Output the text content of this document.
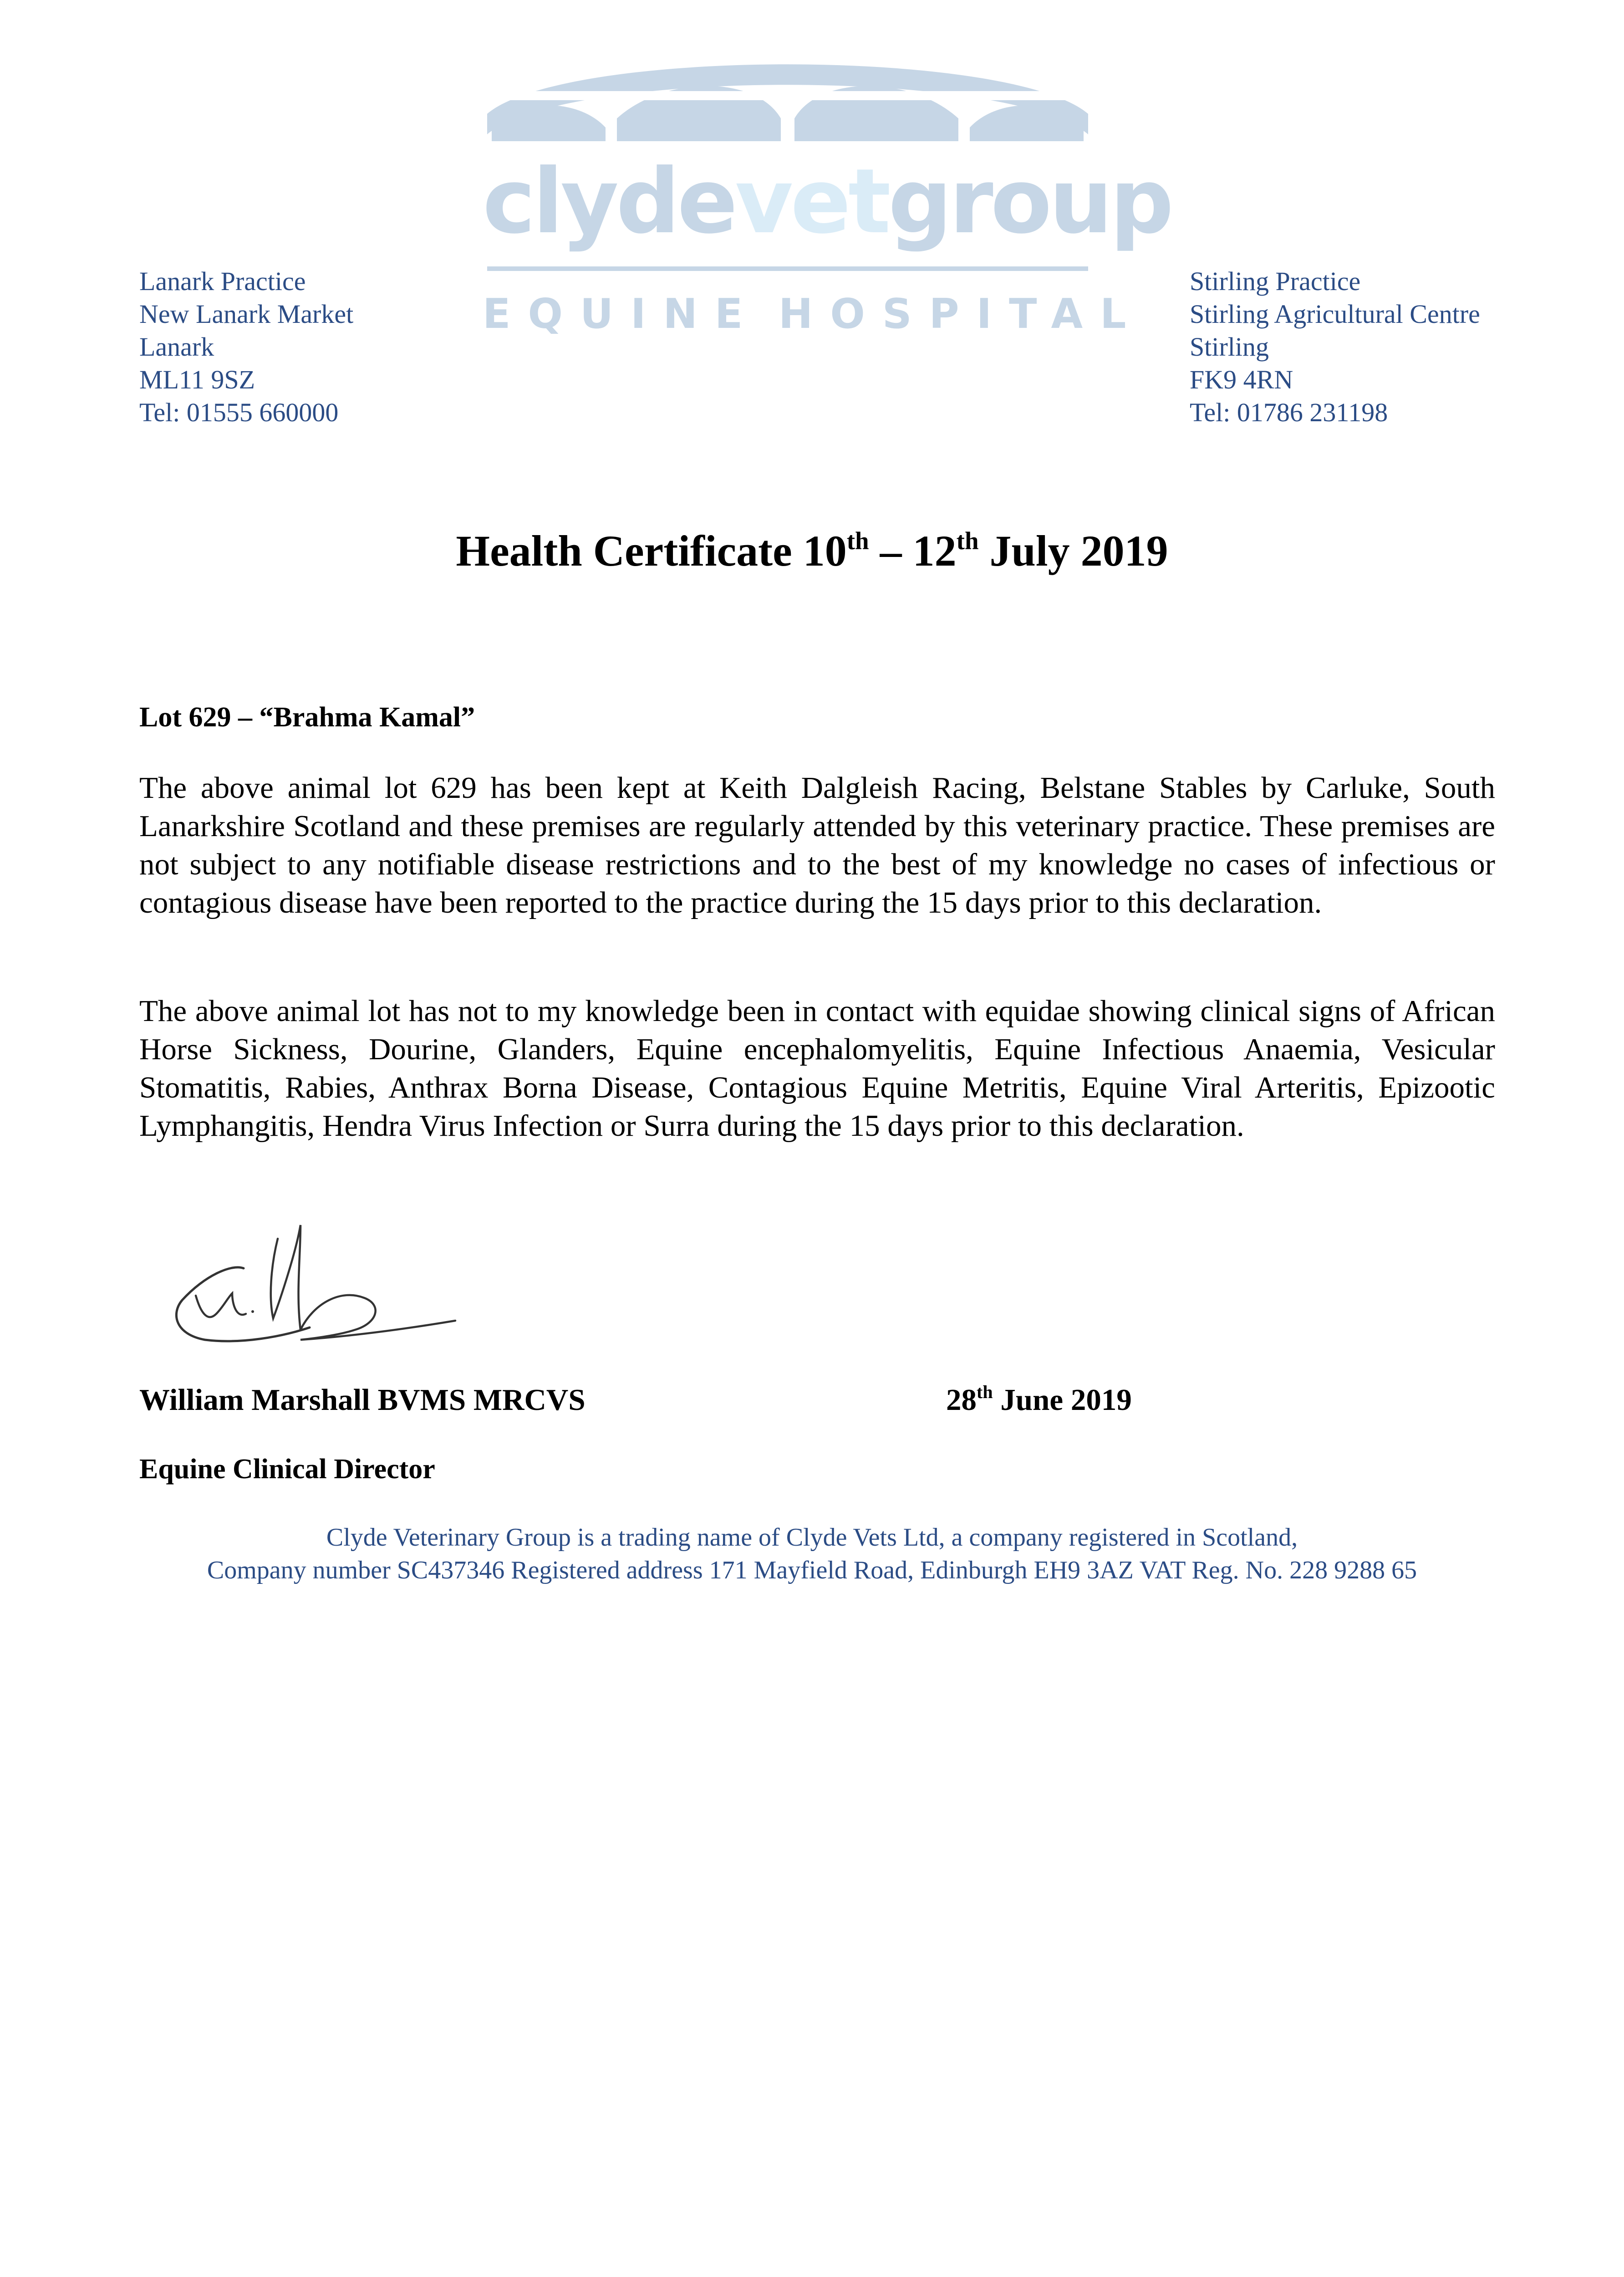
clydevetgroup
EQUINE HOSPITAL
Lanark Practice
New Lanark Market
Lanark
ML11 9SZ
Tel: 01555 660000
Stirling Practice
Stirling Agricultural Centre
Stirling
FK9 4RN
Tel: 01786 231198
Health Certificate 10th – 12th July 2019
Lot 629 – “Brahma Kamal”
The above animal lot 629 has been kept at Keith Dalgleish Racing, Belstane Stables by Carluke, South Lanarkshire Scotland and these premises are regularly attended by this veterinary practice. These premises are not subject to any notifiable disease restrictions and to the best of my knowledge no cases of infectious or contagious disease have been reported to the practice during the 15 days prior to this declaration.
The above animal lot has not to my knowledge been in contact with equidae showing clinical signs of African Horse Sickness, Dourine, Glanders, Equine encephalomyelitis, Equine Infectious Anaemia, Vesicular Stomatitis, Rabies, Anthrax Borna Disease, Contagious Equine Metritis, Equine Viral Arteritis, Epizootic Lymphangitis, Hendra Virus Infection or Surra during the 15 days prior to this declaration.
William Marshall BVMS MRCVS	28th June 2019
Equine Clinical Director
Clyde Veterinary Group is a trading name of Clyde Vets Ltd, a company registered in Scotland,
Company number SC437346 Registered address 171 Mayfield Road, Edinburgh EH9 3AZ VAT Reg. No. 228 9288 65
